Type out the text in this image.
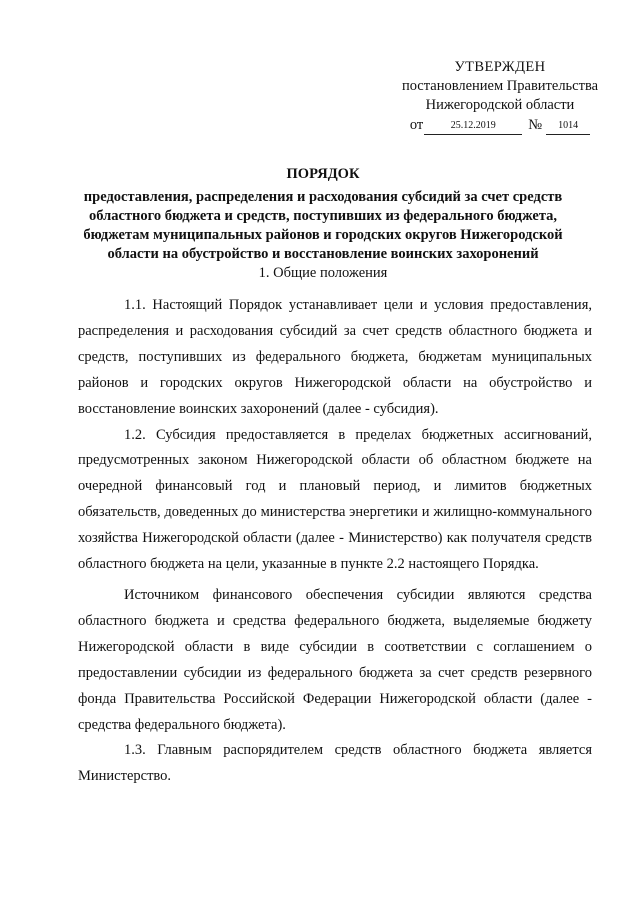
УТВЕРЖДЕН
постановлением Правительства
Нижегородской области
от	25.12.2019	№	1014
ПОРЯДОК
предоставления, распределения и расходования субсидий за счет средств областного бюджета и средств, поступивших из федерального бюджета, бюджетам муниципальных районов и городских округов Нижегородской области на обустройство и восстановление воинских захоронений
1. Общие положения

1.1. Настоящий Порядок устанавливает цели и условия предоставления, распределения и расходования субсидий за счет средств областного бюджета и средств, поступивших из федерального бюджета, бюджетам муниципальных районов и городских округов Нижегородской области на обустройство и восстановление воинских захоронений (далее - субсидия).

1.2. Субсидия предоставляется в пределах бюджетных ассигнований, предусмотренных законом Нижегородской области об областном бюджете на очередной финансовый год и плановый период, и лимитов бюджетных обязательств, доведенных до министерства энергетики и жилищно-коммунального хозяйства Нижегородской области (далее - Министерство) как получателя средств областного бюджета на цели, указанные в пункте 2.2 настоящего Порядка.

Источником финансового обеспечения субсидии являются средства областного бюджета и средства федерального бюджета, выделяемые бюджету Нижегородской области в виде субсидии в соответствии с соглашением о предоставлении субсидии из федерального бюджета за счет средств резервного фонда Правительства Российской Федерации Нижегородской области (далее - средства федерального бюджета).

1.3. Главным распорядителем средств областного бюджета является Министерство.
